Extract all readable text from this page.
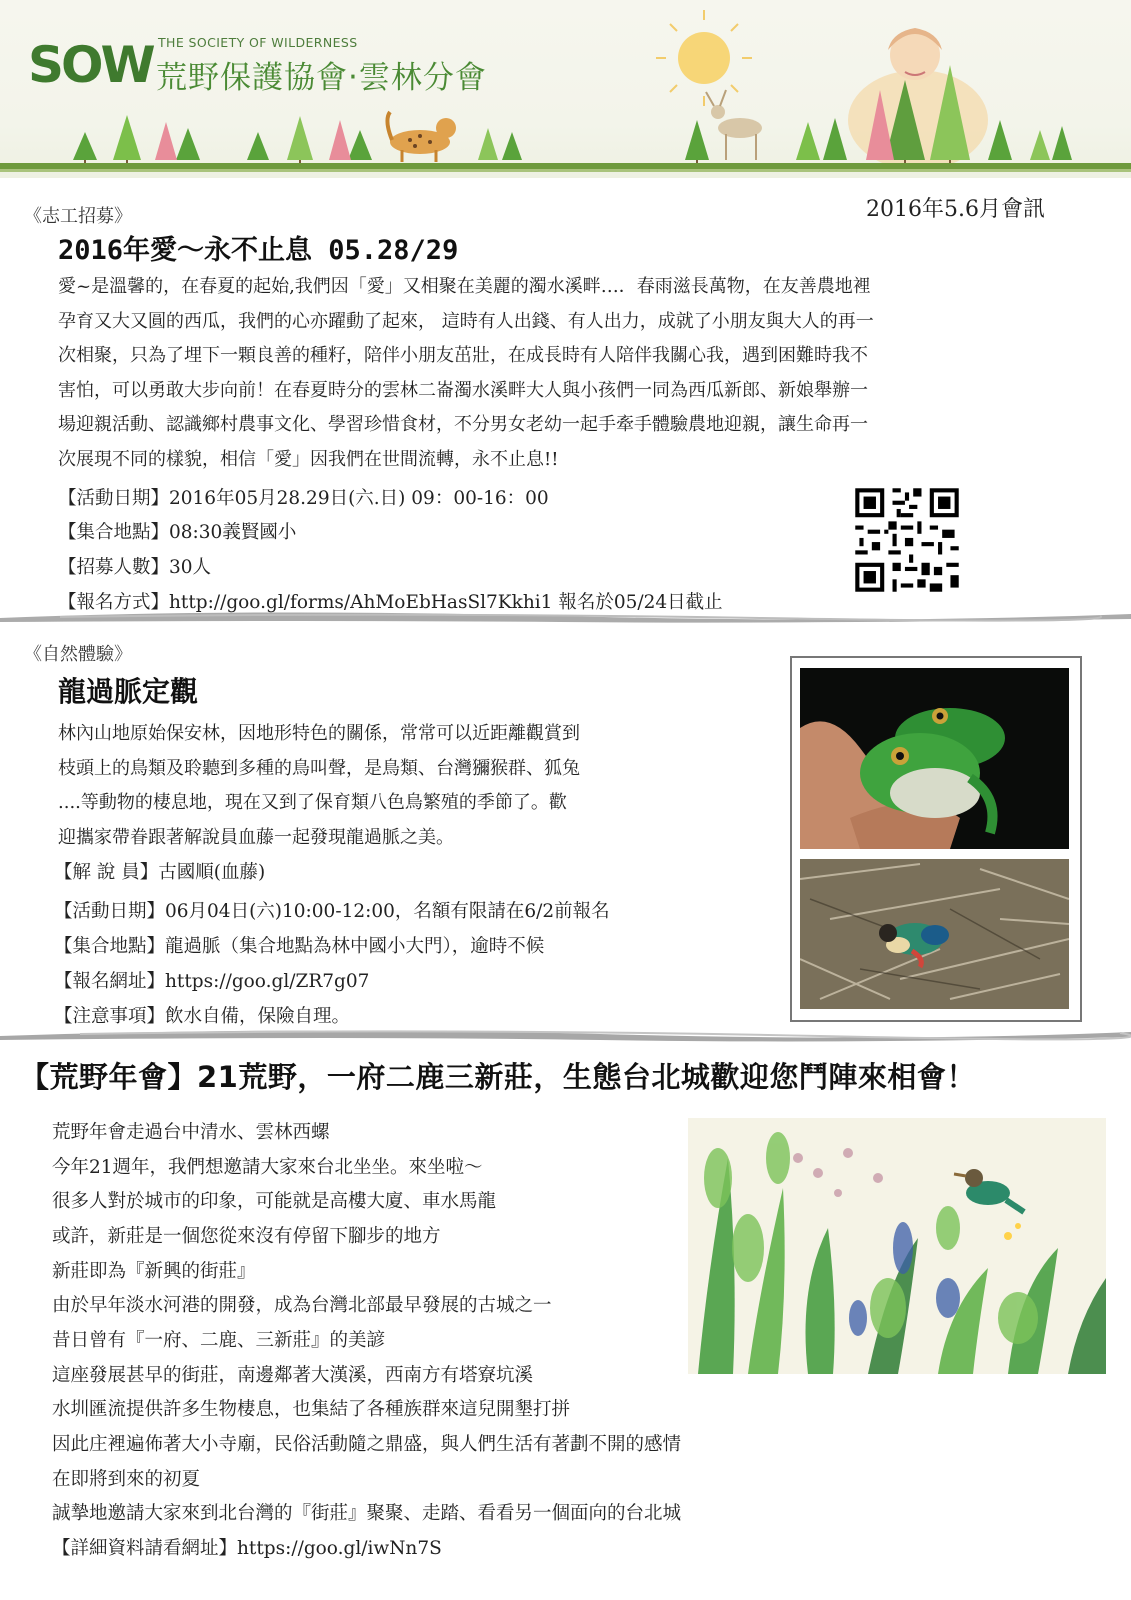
SOW THE SOCIETY OF WILDERNESS
荒野保護協會‧雲林分會
《志工招募》	2016年5.6月會訊
2016年愛～永不止息 05.28/29
愛~是溫馨的，在春夏的起始,我們因「愛」又相聚在美麗的濁水溪畔…．春雨滋長萬物，在友善農地裡
孕育又大又圓的西瓜，我們的心亦躍動了起來， 這時有人出錢、有人出力，成就了小朋友與大人的再一
次相聚，只為了埋下一顆良善的種籽，陪伴小朋友茁壯，在成長時有人陪伴我關心我，遇到困難時我不
害怕，可以勇敢大步向前！在春夏時分的雲林二崙濁水溪畔大人與小孩們一同為西瓜新郎、新娘舉辦一
場迎親活動、認識鄉村農事文化、學習珍惜食材，不分男女老幼一起手牽手體驗農地迎親，讓生命再一
次展現不同的樣貌，相信「愛」因我們在世間流轉，永不止息!!
【活動日期】2016年05月28.29日(六.日) 09：00-16：00
【集合地點】08:30義賢國小
【招募人數】30人
【報名方式】http://goo.gl/forms/AhMoEbHasSl7Kkhi1 報名於05/24日截止
《自然體驗》
龍過脈定觀
林內山地原始保安林，因地形特色的關係，常常可以近距離觀賞到
枝頭上的鳥類及聆聽到多種的鳥叫聲，是鳥類、台灣獼猴群、狐兔
....等動物的棲息地，現在又到了保育類八色鳥繁殖的季節了。歡
迎攜家帶眷跟著解說員血藤一起發現龍過脈之美。
【解 說 員】古國順(血藤)
【活動日期】06月04日(六)10:00-12:00，名額有限請在6/2前報名
【集合地點】龍過脈（集合地點為林中國小大門），逾時不候
【報名網址】https://goo.gl/ZR7g07
【注意事項】飲水自備，保險自理。
【荒野年會】21荒野，一府二鹿三新莊，生態台北城歡迎您鬥陣來相會！
荒野年會走過台中清水、雲林西螺
今年21週年，我們想邀請大家來台北坐坐。來坐啦～
很多人對於城市的印象，可能就是高樓大廈、車水馬龍
或許，新莊是一個您從來沒有停留下腳步的地方
新莊即為『新興的街莊』
由於早年淡水河港的開發，成為台灣北部最早發展的古城之一
昔日曾有『一府、二鹿、三新莊』的美諺
這座發展甚早的街莊，南邊鄰著大漢溪，西南方有塔寮坑溪
水圳匯流提供許多生物棲息，也集結了各種族群來這兒開墾打拼
因此庄裡遍佈著大小寺廟，民俗活動隨之鼎盛，與人們生活有著劃不開的感情
在即將到來的初夏
誠摯地邀請大家來到北台灣的『街莊』聚聚、走踏、看看另一個面向的台北城
【詳細資料請看網址】https://goo.gl/iwNn7S
